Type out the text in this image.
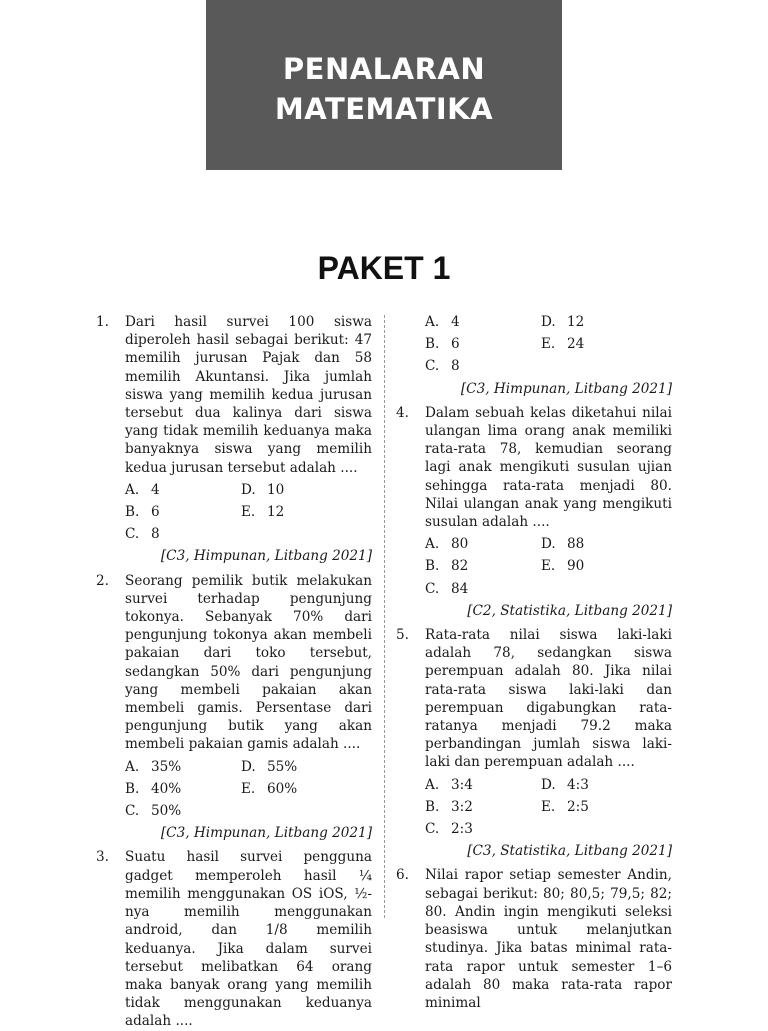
PENALARAN
MATEMATIKA
PAKET 1
1. Dari hasil survei 100 siswa diperoleh hasil sebagai berikut: 47 memilih jurusan Pajak dan 58 memilih Akuntansi. Jika jumlah siswa yang memilih kedua jurusan tersebut dua kalinya dari siswa yang tidak memilih keduanya maka banyaknya siswa yang memilih kedua jurusan tersebut adalah ....
A. 4	D. 10
B. 6	E. 12
C. 8
[C3, Himpunan, Litbang 2021]
2. Seorang pemilik butik melakukan survei terhadap pengunjung tokonya. Sebanyak 70% dari pengunjung tokonya akan membeli pakaian dari toko tersebut, sedangkan 50% dari pengunjung yang membeli pakaian akan membeli gamis. Persentase dari pengunjung butik yang akan membeli pakaian gamis adalah ....
A. 35%	D. 55%
B. 40%	E. 60%
C. 50%
[C3, Himpunan, Litbang 2021]
3. Suatu hasil survei pengguna gadget memperoleh hasil ¼ memilih menggunakan OS iOS, ½-nya memilih menggunakan android, dan 1/8 memilih keduanya. Jika dalam survei tersebut melibatkan 64 orang maka banyak orang yang memilih tidak menggunakan keduanya adalah ....
A. 4	D. 12
B. 6	E. 24
C. 8
[C3, Himpunan, Litbang 2021]
4. Dalam sebuah kelas diketahui nilai ulangan lima orang anak memiliki rata-rata 78, kemudian seorang lagi anak mengikuti susulan ujian sehingga rata-rata menjadi 80. Nilai ulangan anak yang mengikuti susulan adalah ....
A. 80	D. 88
B. 82	E. 90
C. 84
[C2, Statistika, Litbang 2021]
5. Rata-rata nilai siswa laki-laki adalah 78, sedangkan siswa perempuan adalah 80. Jika nilai rata-rata siswa laki-laki dan perempuan digabungkan rata-ratanya menjadi 79.2 maka perbandingan jumlah siswa laki-laki dan perempuan adalah ....
A. 3:4	D. 4:3
B. 3:2	E. 2:5
C. 2:3
[C3, Statistika, Litbang 2021]
6. Nilai rapor setiap semester Andin, sebagai berikut: 80; 80,5; 79,5; 82; 80. Andin ingin mengikuti seleksi beasiswa untuk melanjutkan studinya. Jika batas minimal rata-rata rapor untuk semester 1–6 adalah 80 maka rata-rata rapor minimal
